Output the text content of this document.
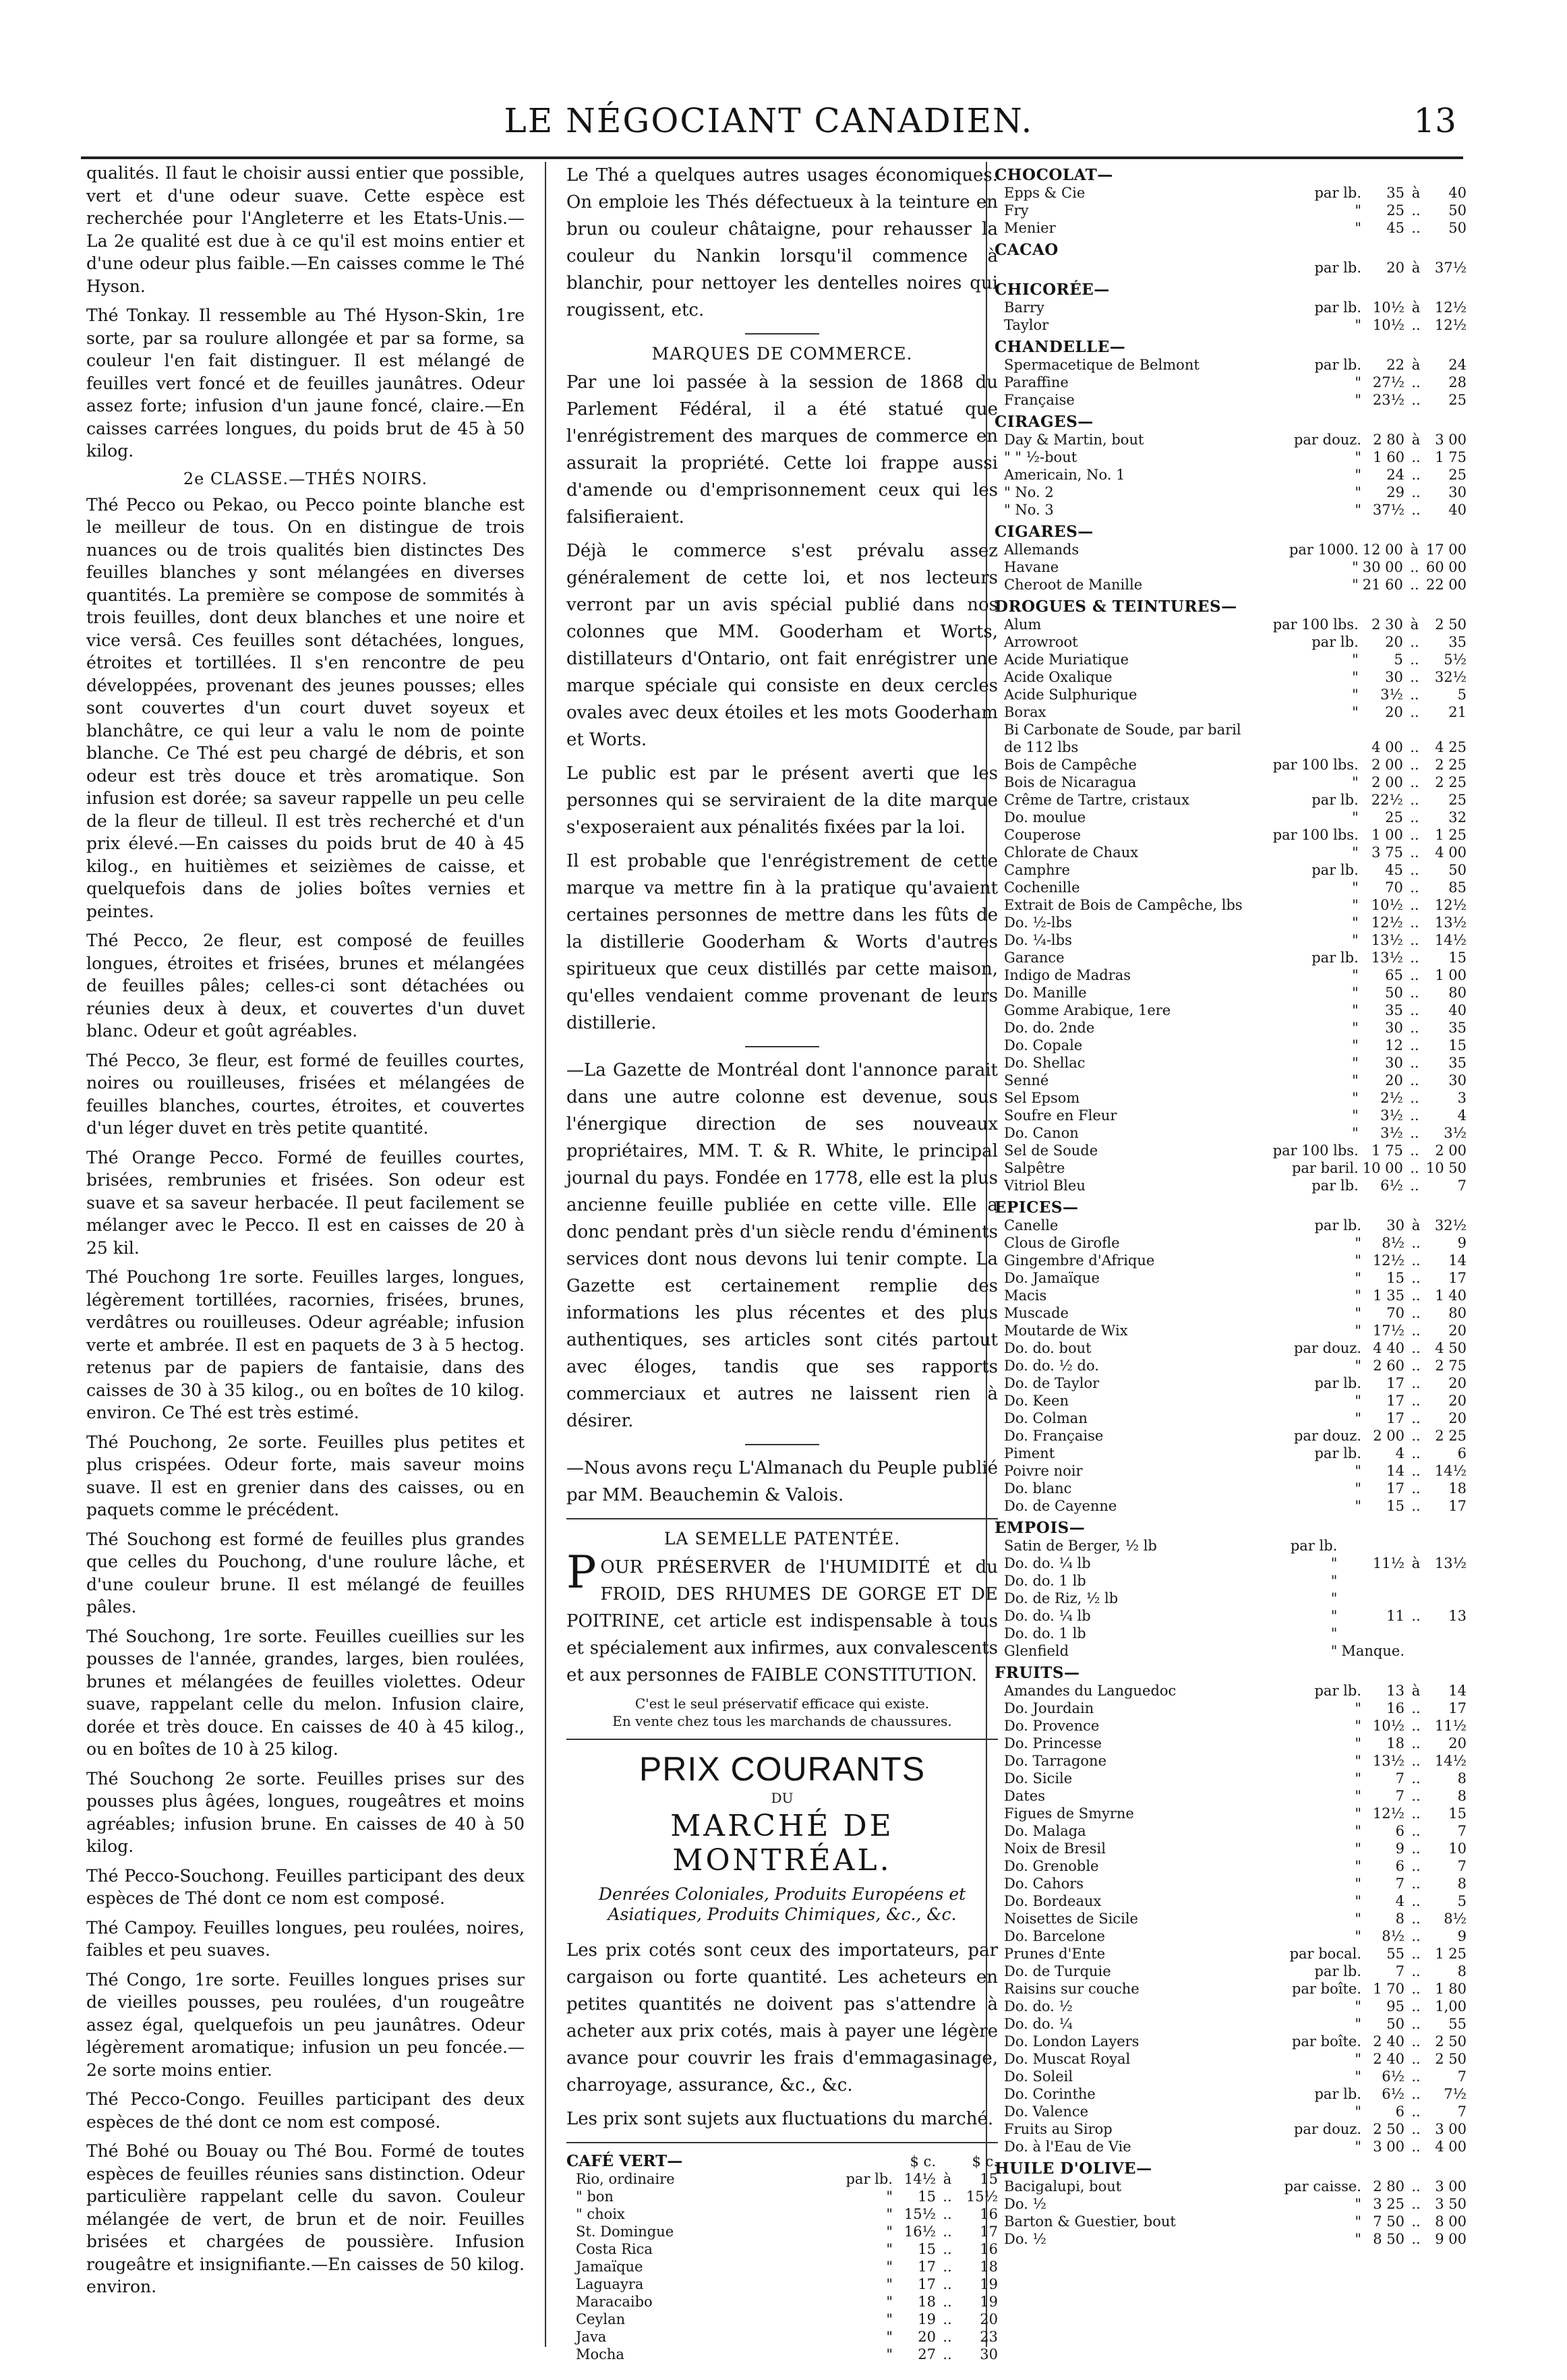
LE NÉGOCIANT CANADIEN.	13

qualités. Il faut le choisir aussi entier que possible, vert et d'une odeur suave. Cette espèce est recherchée pour l'Angleterre et les Etats-Unis.—La 2e qualité est due à ce qu'il est moins entier et d'une odeur plus faible.—En caisses comme le Thé Hyson.

Thé Tonkay. Il ressemble au Thé Hyson-Skin, 1re sorte, par sa roulure allongée et par sa forme, sa couleur l'en fait distinguer. Il est mélangé de feuilles vert foncé et de feuilles jaunâtres. Odeur assez forte; infusion d'un jaune foncé, claire.—En caisses carrées longues, du poids brut de 45 à 50 kilog.

2e CLASSE.—THÉS NOIRS.

Thé Pecco ou Pekao, ou Pecco pointe blanche est le meilleur de tous. On en distingue de trois nuances ou de trois qualités bien distinctes Des feuilles blanches y sont mélangées en diverses quantités. La première se compose de sommités à trois feuilles, dont deux blanches et une noire et vice versâ. Ces feuilles sont détachées, longues, étroites et tortillées. Il s'en rencontre de peu développées, provenant des jeunes pousses; elles sont couvertes d'un court duvet soyeux et blanchâtre, ce qui leur a valu le nom de pointe blanche. Ce Thé est peu chargé de débris, et son odeur est très douce et très aromatique. Son infusion est dorée; sa saveur rappelle un peu celle de la fleur de tilleul. Il est très recherché et d'un prix élevé.—En caisses du poids brut de 40 à 45 kilog., en huitièmes et seizièmes de caisse, et quelquefois dans de jolies boîtes vernies et peintes.

Thé Pecco, 2e fleur, est composé de feuilles longues, étroites et frisées, brunes et mélangées de feuilles pâles; celles-ci sont détachées ou réunies deux à deux, et couvertes d'un duvet blanc. Odeur et goût agréables.

Thé Pecco, 3e fleur, est formé de feuilles courtes, noires ou rouilleuses, frisées et mélangées de feuilles blanches, courtes, étroites, et couvertes d'un léger duvet en très petite quantité.

Thé Orange Pecco. Formé de feuilles courtes, brisées, rembrunies et frisées. Son odeur est suave et sa saveur herbacée. Il peut facilement se mélanger avec le Pecco. Il est en caisses de 20 à 25 kil.

Thé Pouchong 1re sorte. Feuilles larges, longues, légèrement tortillées, racornies, frisées, brunes, verdâtres ou rouilleuses. Odeur agréable; infusion verte et ambrée. Il est en paquets de 3 à 5 hectog. retenus par de papiers de fantaisie, dans des caisses de 30 à 35 kilog., ou en boîtes de 10 kilog. environ. Ce Thé est très estimé.

Thé Pouchong, 2e sorte. Feuilles plus petites et plus crispées. Odeur forte, mais saveur moins suave. Il est en grenier dans des caisses, ou en paquets comme le précédent.

Thé Souchong est formé de feuilles plus grandes que celles du Pouchong, d'une roulure lâche, et d'une couleur brune. Il est mélangé de feuilles pâles.

Thé Souchong, 1re sorte. Feuilles cueillies sur les pousses de l'année, grandes, larges, bien roulées, brunes et mélangées de feuilles violettes. Odeur suave, rappelant celle du melon. Infusion claire, dorée et très douce. En caisses de 40 à 45 kilog., ou en boîtes de 10 à 25 kilog.

Thé Souchong 2e sorte. Feuilles prises sur des pousses plus âgées, longues, rougeâtres et moins agréables; infusion brune. En caisses de 40 à 50 kilog.

Thé Pecco-Souchong. Feuilles participant des deux espèces de Thé dont ce nom est composé.

Thé Campoy. Feuilles longues, peu roulées, noires, faibles et peu suaves.

Thé Congo, 1re sorte. Feuilles longues prises sur de vieilles pousses, peu roulées, d'un rougeâtre assez égal, quelquefois un peu jaunâtres. Odeur légèrement aromatique; infusion un peu foncée.—2e sorte moins entier.

Thé Pecco-Congo. Feuilles participant des deux espèces de thé dont ce nom est composé.

Thé Bohé ou Bouay ou Thé Bou. Formé de toutes espèces de feuilles réunies sans distinction. Odeur particulière rappelant celle du savon. Couleur mélangée de vert, de brun et de noir. Feuilles brisées et chargées de poussière. Infusion rougeâtre et insignifiante.—En caisses de 50 kilog. environ.

Le Thé a quelques autres usages économiques. On emploie les Thés défectueux à la teinture en brun ou couleur châtaigne, pour rehausser la couleur du Nankin lorsqu'il commence à blanchir, pour nettoyer les dentelles noires qui rougissent, etc.

MARQUES DE COMMERCE.

Par une loi passée à la session de 1868 du Parlement Fédéral, il a été statué que l'enrégistrement des marques de commerce en assurait la propriété. Cette loi frappe aussi d'amende ou d'emprisonnement ceux qui les falsifieraient.

Déjà le commerce s'est prévalu assez généralement de cette loi, et nos lecteurs verront par un avis spécial publié dans nos colonnes que MM. Gooderham et Worts, distillateurs d'Ontario, ont fait enrégistrer une marque spéciale qui consiste en deux cercles ovales avec deux étoiles et les mots Gooderham et Worts.

Le public est par le présent averti que les personnes qui se serviraient de la dite marque s'exposeraient aux pénalités fixées par la loi.

Il est probable que l'enrégistrement de cette marque va mettre fin à la pratique qu'avaient certaines personnes de mettre dans les fûts de la distillerie Gooderham & Worts d'autres spiritueux que ceux distillés par cette maison, qu'elles vendaient comme provenant de leurs distillerie.

—La Gazette de Montréal dont l'annonce parait dans une autre colonne est devenue, sous l'énergique direction de ses nouveaux propriétaires, MM. T. & R. White, le principal journal du pays. Fondée en 1778, elle est la plus ancienne feuille publiée en cette ville. Elle a donc pendant près d'un siècle rendu d'éminents services dont nous devons lui tenir compte. La Gazette est certainement remplie des informations les plus récentes et des plus authentiques, ses articles sont cités partout avec éloges, tandis que ses rapports commerciaux et autres ne laissent rien à désirer.

—Nous avons reçu L'Almanach du Peuple publié par MM. Beauchemin & Valois.

LA SEMELLE PATENTÉE.

POUR PRÉSERVER de l'HUMIDITÉ et du FROID, DES RHUMES DE GORGE ET DE POITRINE, cet article est indispensable à tous et spécialement aux infirmes, aux convalescents et aux personnes de FAIBLE CONSTITUTION.

C'est le seul préservatif efficace qui existe.
En vente chez tous les marchands de chaussures.
PRIX COURANTS
DU
MARCHÉ DE MONTRÉAL.
Denrées Coloniales, Produits Européens et Asiatiques, Produits Chimiques, &c., &c.

Les prix cotés sont ceux des importateurs, par cargaison ou forte quantité. Les acheteurs en petites quantités ne doivent pas s'attendre à acheter aux prix cotés, mais à payer une légère avance pour couvrir les frais d'emmagasinage, charroyage, assurance, &c., &c.

Les prix sont sujets aux fluctuations du marché.

CAFÉ VERT—		$ c.		$ c.
Rio, ordinaire	par lb.	14½	à	15
" bon	"	15	..	15½
" choix	"	15½	..	16
St. Domingue	"	16½	..	17
Costa Rica	"	15	..	16
Jamaïque	"	17	..	18
Laguayra	"	17	..	19
Maracaibo	"	18	..	19
Ceylan	"	19	..	20
Java	"	20	..	23
Mocha	"	27	..	30
CHOCOLAT—
Epps & Cie	par lb.	35	à	40
Fry	"	25	..	50
Menier	"	45	..	50
CACAO
	par lb.	20	à	37½
CHICORÉE—
Barry	par lb.	10½	à	12½
Taylor	"	10½	..	12½
CHANDELLE—
Spermacetique de Belmont	par lb.	22	à	24
Paraffine	"	27½	..	28
Française	"	23½	..	25
CIRAGES—
Day & Martin, bout	par douz.	2 80	à	3 00
" " ½-bout	"	1 60	..	1 75
Americain, No. 1	"	24	..	25
" No. 2	"	29	..	30
" No. 3	"	37½	..	40
CIGARES—
Allemands	par 1000.	12 00	à	17 00
Havane	"	30 00	..	60 00
Cheroot de Manille	"	21 60	..	22 00
DROGUES & TEINTURES—
Alum	par 100 lbs.	2 30	à	2 50
Arrowroot	par lb.	20	..	35
Acide Muriatique	"	5	..	5½
Acide Oxalique	"	30	..	32½
Acide Sulphurique	"	3½	..	5
Borax	"	20	..	21
Bi Carbonate de Soude, par baril				
de 112 lbs		4 00	..	4 25
Bois de Campêche	par 100 lbs.	2 00	..	2 25
Bois de Nicaragua	"	2 00	..	2 25
Crême de Tartre, cristaux	par lb.	22½	..	25
Do. moulue	"	25	..	32
Couperose	par 100 lbs.	1 00	..	1 25
Chlorate de Chaux	"	3 75	..	4 00
Camphre	par lb.	45	..	50
Cochenille	"	70	..	85
Extrait de Bois de Campêche, lbs	"	10½	..	12½
Do. ½-lbs	"	12½	..	13½
Do. ¼-lbs	"	13½	..	14½
Garance	par lb.	13½	..	15
Indigo de Madras	"	65	..	1 00
Do. Manille	"	50	..	80
Gomme Arabique, 1ere	"	35	..	40
Do. do. 2nde	"	30	..	35
Do. Copale	"	12	..	15
Do. Shellac	"	30	..	35
Senné	"	20	..	30
Sel Epsom	"	2½	..	3
Soufre en Fleur	"	3½	..	4
Do. Canon	"	3½	..	3½
Sel de Soude	par 100 lbs.	1 75	..	2 00
Salpêtre	par baril.	10 00	..	10 50
Vitriol Bleu	par lb.	6½	..	7
EPICES—
Canelle	par lb.	30	à	32½
Clous de Girofle	"	8½	..	9
Gingembre d'Afrique	"	12½	..	14
Do. Jamaïque	"	15	..	17
Macis	"	1 35	..	1 40
Muscade	"	70	..	80
Moutarde de Wix	"	17½	..	20
Do. do. bout	par douz.	4 40	..	4 50
Do. do. ½ do.	"	2 60	..	2 75
Do. de Taylor	par lb.	17	..	20
Do. Keen	"	17	..	20
Do. Colman	"	17	..	20
Do. Française	par douz.	2 00	..	2 25
Piment	par lb.	4	..	6
Poivre noir	"	14	..	14½
Do. blanc	"	17	..	18
Do. de Cayenne	"	15	..	17
EMPOIS—
Satin de Berger, ½ lb	par lb.			
Do. do. ¼ lb	"	11½	à	13½
Do. do. 1 lb	"			
Do. de Riz, ½ lb	"			
Do. do. ¼ lb	"	11	..	13
Do. do. 1 lb	"			
Glenfield	"	Manque.		
FRUITS—
Amandes du Languedoc	par lb.	13	à	14
Do. Jourdain	"	16	..	17
Do. Provence	"	10½	..	11½
Do. Princesse	"	18	..	20
Do. Tarragone	"	13½	..	14½
Do. Sicile	"	7	..	8
Dates	"	7	..	8
Figues de Smyrne	"	12½	..	15
Do. Malaga	"	6	..	7
Noix de Bresil	"	9	..	10
Do. Grenoble	"	6	..	7
Do. Cahors	"	7	..	8
Do. Bordeaux	"	4	..	5
Noisettes de Sicile	"	8	..	8½
Do. Barcelone	"	8½	..	9
Prunes d'Ente	par bocal.	55	..	1 25
Do. de Turquie	par lb.	7	..	8
Raisins sur couche	par boîte.	1 70	..	1 80
Do. do. ½	"	95	..	1,00
Do. do. ¼	"	50	..	55
Do. London Layers	par boîte.	2 40	..	2 50
Do. Muscat Royal	"	2 40	..	2 50
Do. Soleil	"	6½	..	7
Do. Corinthe	par lb.	6½	..	7½
Do. Valence	"	6	..	7
Fruits au Sirop	par douz.	2 50	..	3 00
Do. à l'Eau de Vie	"	3 00	..	4 00
HUILE D'OLIVE—
Bacigalupi, bout	par caisse.	2 80	..	3 00
Do. ½	"	3 25	..	3 50
Barton & Guestier, bout	"	7 50	..	8 00
Do. ½	"	8 50	..	9 00
